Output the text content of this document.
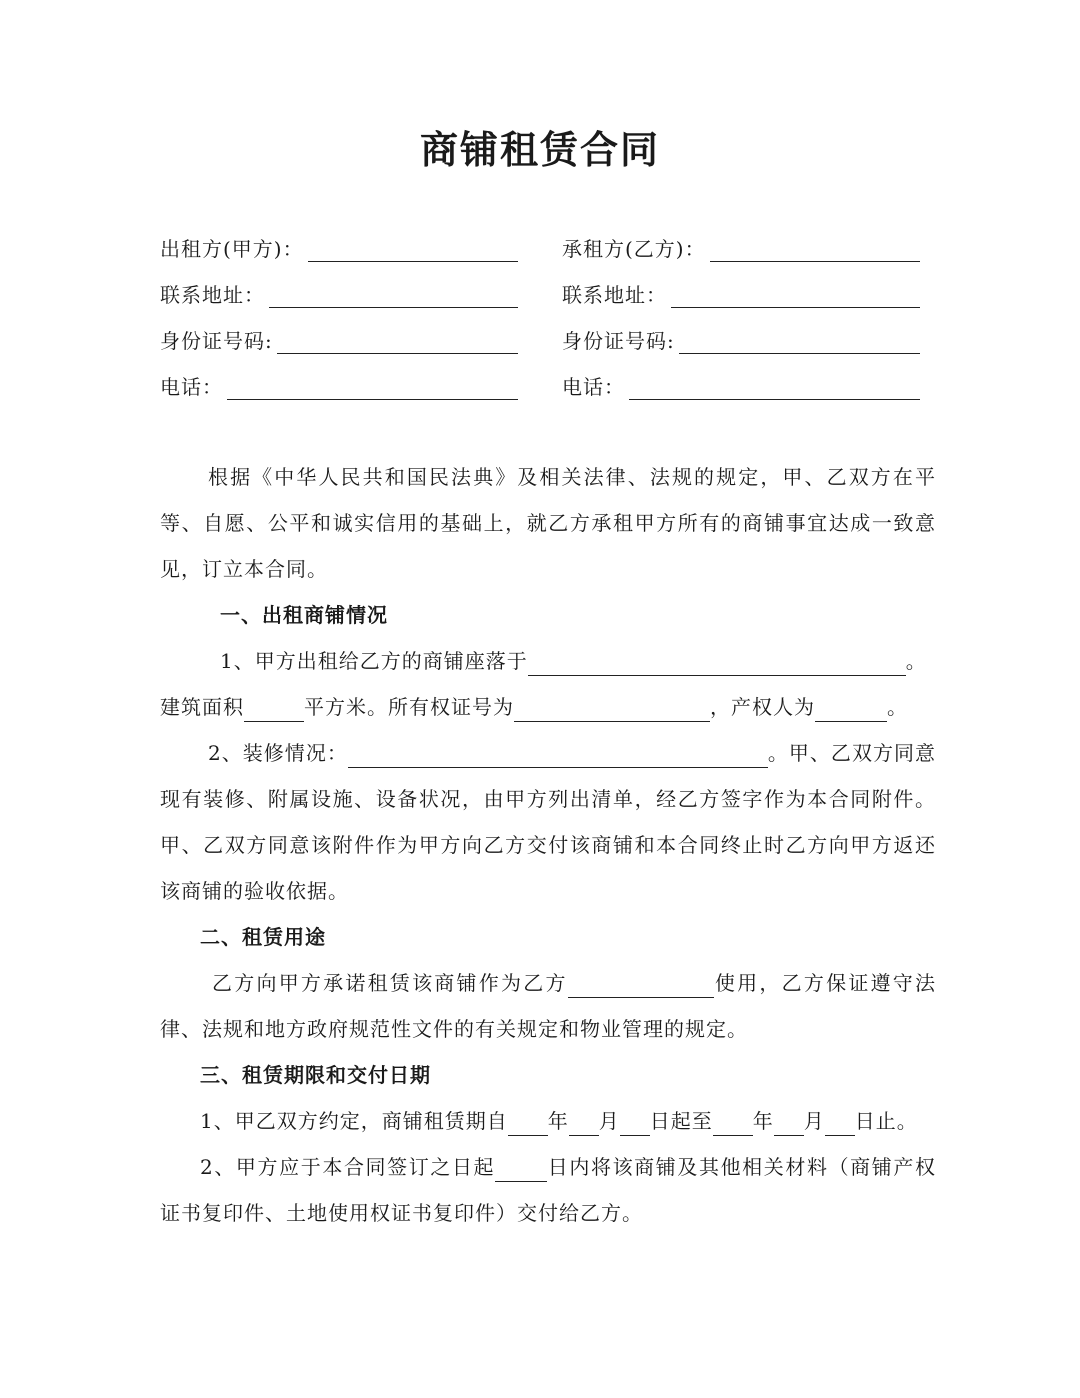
商铺租赁合同
出租方(甲方)：	承租方(乙方)：
联系地址：	联系地址：
身份证号码:	身份证号码:
电话：	电话：

根据《中华人民共和国民法典》及相关法律、法规的规定，甲、乙双方在平等、自愿、公平和诚实信用的基础上，就乙方承租甲方所有的商铺事宜达成一致意见，订立本合同。

一、出租商铺情况

1、甲方出租给乙方的商铺座落于	。

建筑面积	平方米。所有权证号为	，产权人为	。

2、装修情况：	。甲、乙双方同意现有装修、附属设施、设备状况，由甲方列出清单，经乙方签字作为本合同附件。甲、乙双方同意该附件作为甲方向乙方交付该商铺和本合同终止时乙方向甲方返还该商铺的验收依据。

二、租赁用途

乙方向甲方承诺租赁该商铺作为乙方	使用，乙方保证遵守法律、法规和地方政府规范性文件的有关规定和物业管理的规定。

三、租赁期限和交付日期

1、甲乙双方约定，商铺租赁期自 年 月 日起至 年 月 日止。

2、甲方应于本合同签订之日起	日内将该商铺及其他相关材料（商铺产权证书复印件、土地使用权证书复印件）交付给乙方。
